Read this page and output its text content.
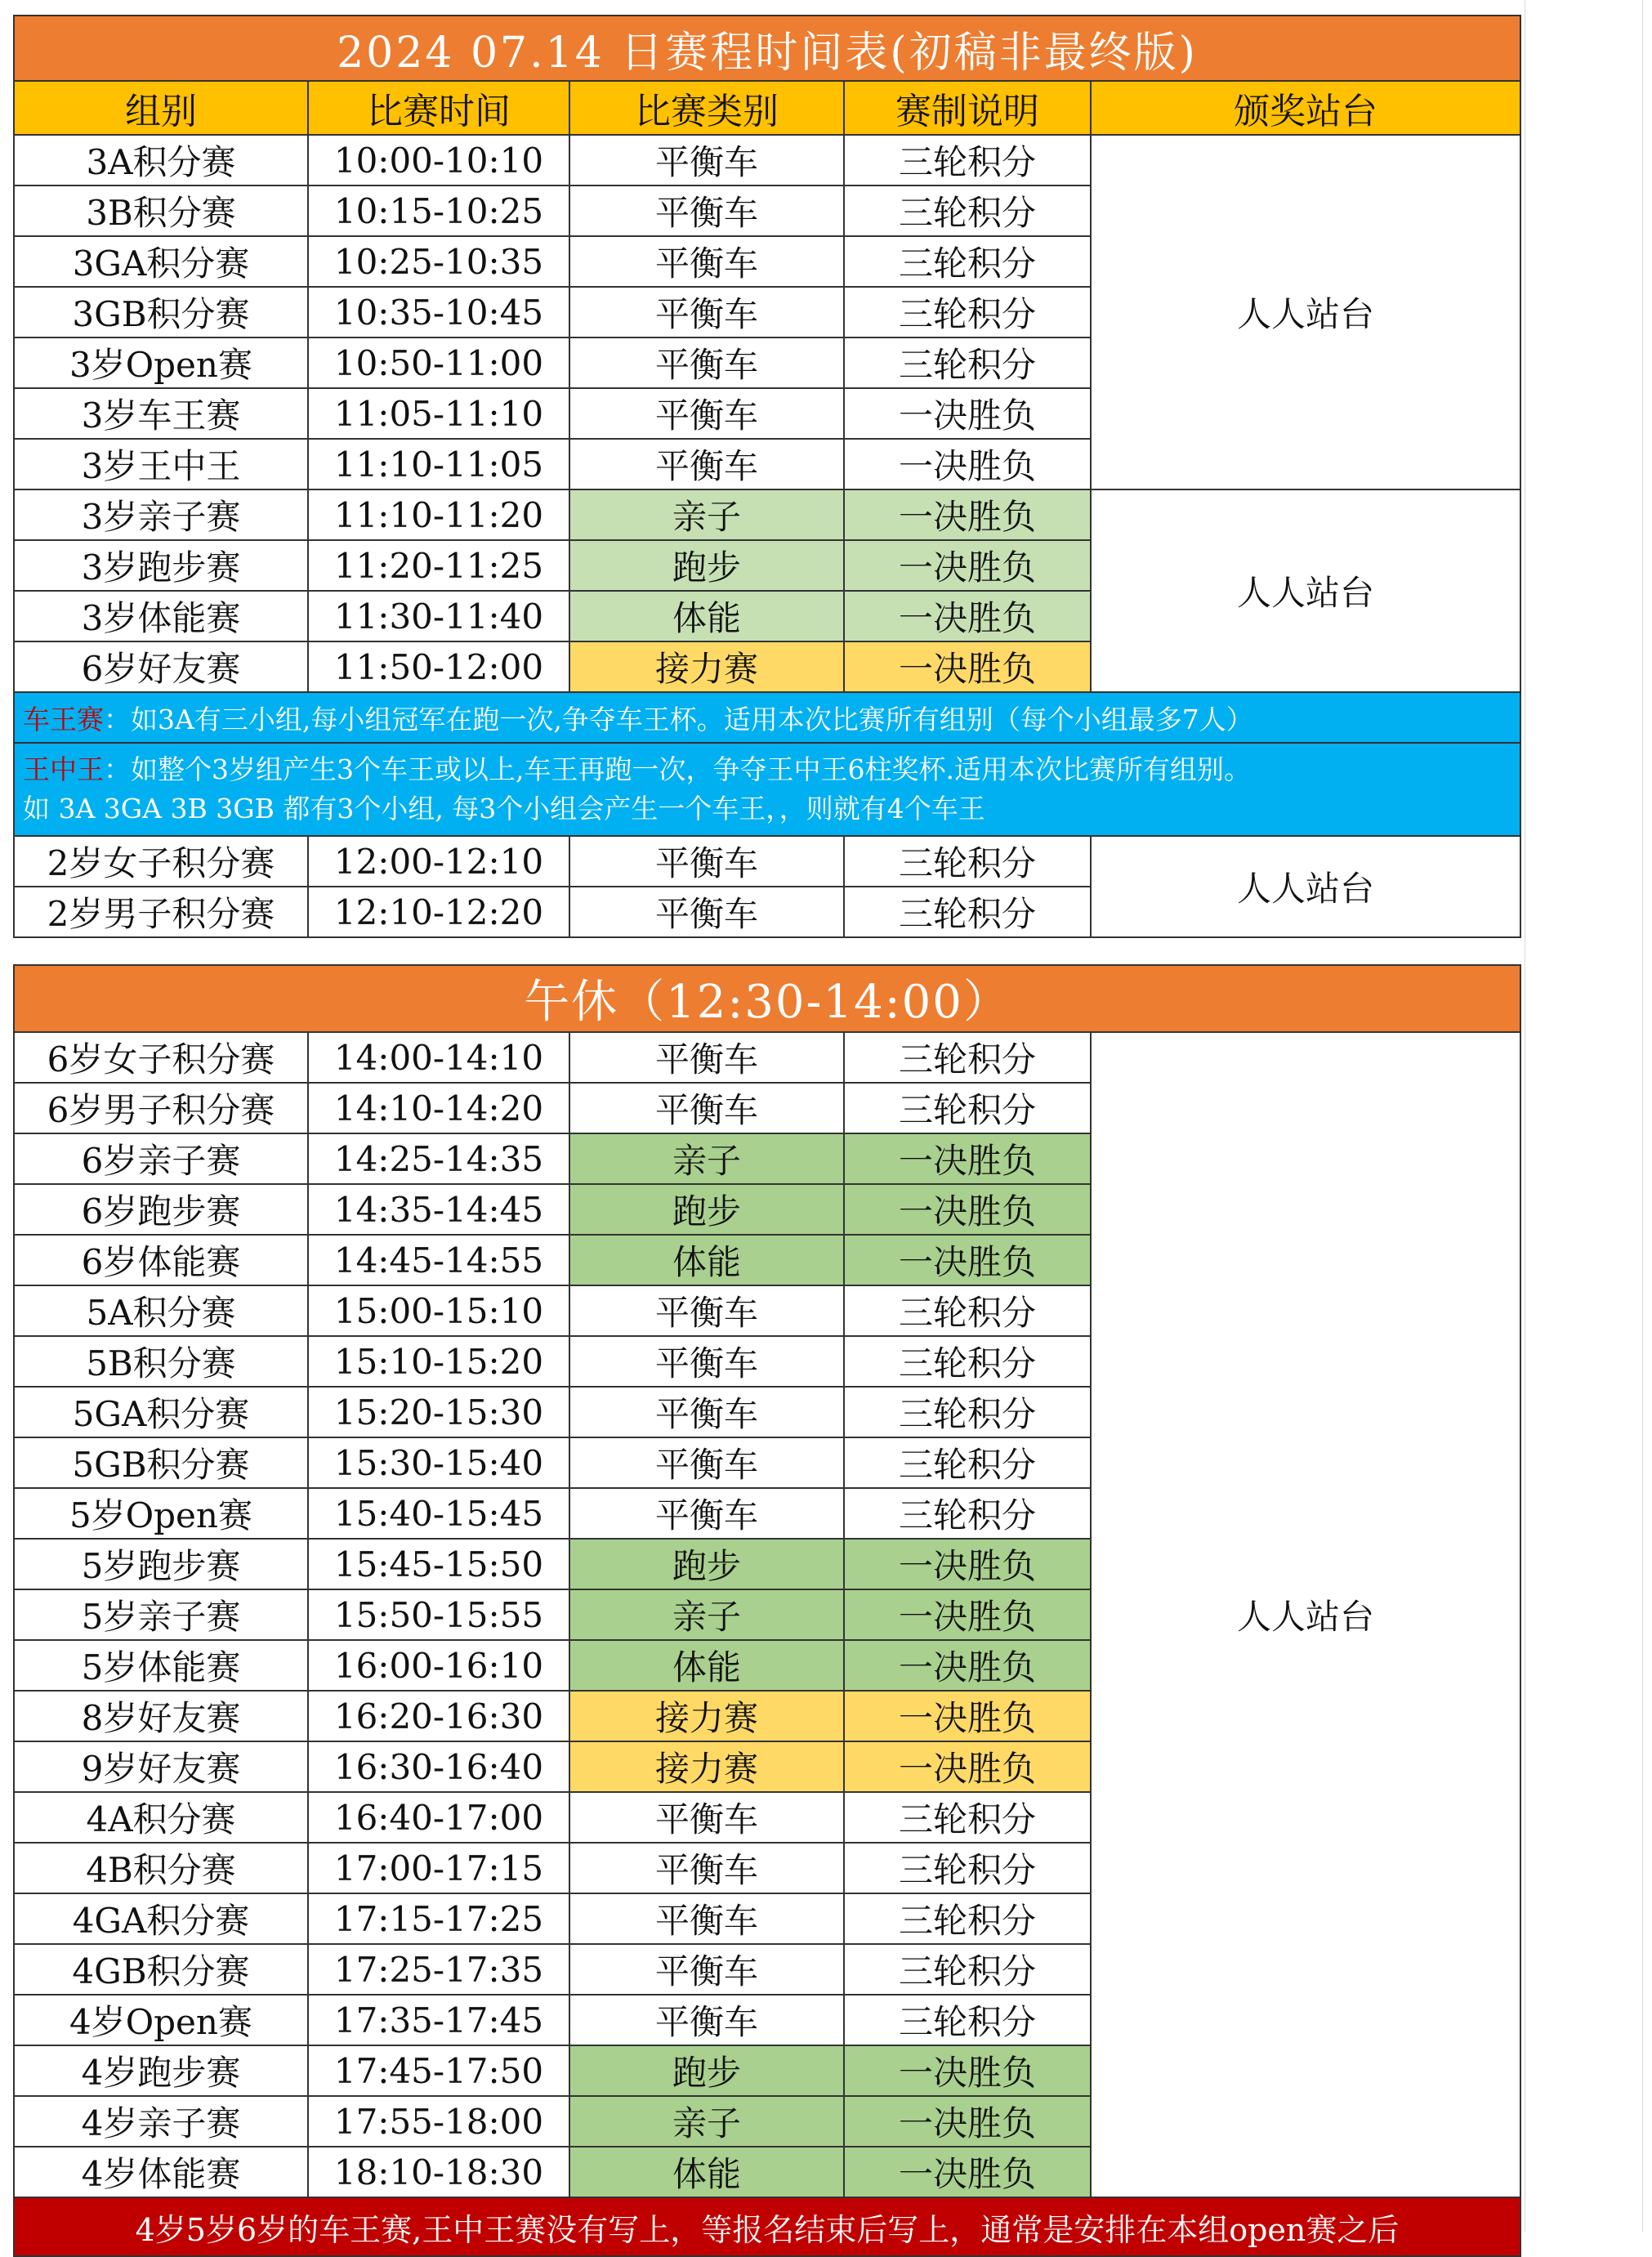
2024 07.14 日赛程时间表(初稿非最终版)				
组别	比赛时间	比赛类别	赛制说明	颁奖站台
3A积分赛	10:00-10:10	平衡车	三轮积分	人人站台
3B积分赛	10:15-10:25	平衡车	三轮积分	
3GA积分赛	10:25-10:35	平衡车	三轮积分	
3GB积分赛	10:35-10:45	平衡车	三轮积分	
3岁Open赛	10:50-11:00	平衡车	三轮积分	
3岁车王赛	11:05-11:10	平衡车	一决胜负	
3岁王中王	11:10-11:05	平衡车	一决胜负	
3岁亲子赛	11:10-11:20	亲子	一决胜负	人人站台
3岁跑步赛	11:20-11:25	跑步	一决胜负	
3岁体能赛	11:30-11:40	体能	一决胜负	
6岁好友赛	11:50-12:00	接力赛	一决胜负	
车王赛：如3A有三小组,每小组冠军在跑一次,争夺车王杯。适用本次比赛所有组别（每个小组最多7人）				
王中王：如整个3岁组产生3个车王或以上,车王再跑一次，争夺王中王6柱奖杯.适用本次比赛所有组别。
如 3A 3GA 3B 3GB 都有3个小组, 每3个小组会产生一个车王，，则就有4个车王				
2岁女子积分赛	12:00-12:10	平衡车	三轮积分	人人站台
2岁男子积分赛	12:10-12:20	平衡车	三轮积分	
午休（12:30-14:00）				
6岁女子积分赛	14:00-14:10	平衡车	三轮积分	人人站台
6岁男子积分赛	14:10-14:20	平衡车	三轮积分	
6岁亲子赛	14:25-14:35	亲子	一决胜负	
6岁跑步赛	14:35-14:45	跑步	一决胜负	
6岁体能赛	14:45-14:55	体能	一决胜负	
5A积分赛	15:00-15:10	平衡车	三轮积分	
5B积分赛	15:10-15:20	平衡车	三轮积分	
5GA积分赛	15:20-15:30	平衡车	三轮积分	
5GB积分赛	15:30-15:40	平衡车	三轮积分	
5岁Open赛	15:40-15:45	平衡车	三轮积分	
5岁跑步赛	15:45-15:50	跑步	一决胜负	
5岁亲子赛	15:50-15:55	亲子	一决胜负	
5岁体能赛	16:00-16:10	体能	一决胜负	
8岁好友赛	16:20-16:30	接力赛	一决胜负	
9岁好友赛	16:30-16:40	接力赛	一决胜负	
4A积分赛	16:40-17:00	平衡车	三轮积分	
4B积分赛	17:00-17:15	平衡车	三轮积分	
4GA积分赛	17:15-17:25	平衡车	三轮积分	
4GB积分赛	17:25-17:35	平衡车	三轮积分	
4岁Open赛	17:35-17:45	平衡车	三轮积分	
4岁跑步赛	17:45-17:50	跑步	一决胜负	
4岁亲子赛	17:55-18:00	亲子	一决胜负	
4岁体能赛	18:10-18:30	体能	一决胜负	
4岁5岁6岁的车王赛,王中王赛没有写上，等报名结束后写上，通常是安排在本组open赛之后				
